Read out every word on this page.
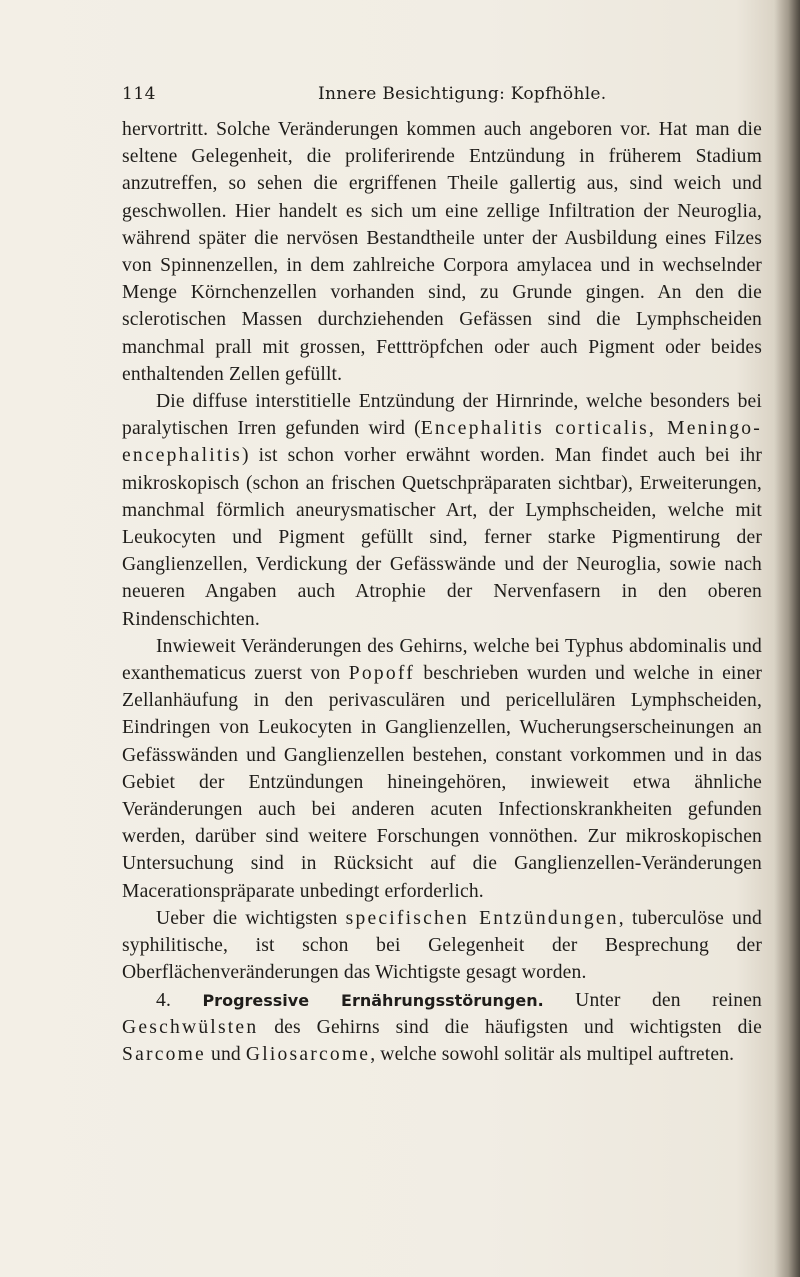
114	Innere Besichtigung: Kopfhöhle.

hervortritt. Solche Veränderungen kommen auch angeboren vor. Hat man die seltene Gelegenheit, die proliferirende Entzündung in früherem Stadium anzutreffen, so sehen die ergriffenen Theile gallertig aus, sind weich und geschwollen. Hier handelt es sich um eine zellige Infiltration der Neuroglia, während später die nervösen Bestandtheile unter der Ausbildung eines Filzes von Spinnenzellen, in dem zahlreiche Corpora amylacea und in wechselnder Menge Körnchenzellen vorhanden sind, zu Grunde gingen. An den die sclerotischen Massen durchziehenden Gefässen sind die Lymphscheiden manchmal prall mit grossen, Fetttröpfchen oder auch Pigment oder beides enthaltenden Zellen gefüllt.

Die diffuse interstitielle Entzündung der Hirnrinde, welche besonders bei paralytischen Irren gefunden wird (Encephalitis corticalis, Meningo-encephalitis) ist schon vorher erwähnt worden. Man findet auch bei ihr mikroskopisch (schon an frischen Quetschpräparaten sichtbar), Erweiterungen, manchmal förmlich aneurysmatischer Art, der Lymphscheiden, welche mit Leukocyten und Pigment gefüllt sind, ferner starke Pigmentirung der Ganglienzellen, Verdickung der Gefässwände und der Neuroglia, sowie nach neueren Angaben auch Atrophie der Nervenfasern in den oberen Rindenschichten.

Inwieweit Veränderungen des Gehirns, welche bei Typhus abdominalis und exanthematicus zuerst von Popoff beschrieben wurden und welche in einer Zellanhäufung in den perivasculären und pericellulären Lymphscheiden, Eindringen von Leukocyten in Ganglienzellen, Wucherungserscheinungen an Gefässwänden und Ganglienzellen bestehen, constant vorkommen und in das Gebiet der Entzündungen hineingehören, inwieweit etwa ähnliche Veränderungen auch bei anderen acuten Infectionskrankheiten gefunden werden, darüber sind weitere Forschungen vonnöthen. Zur mikroskopischen Untersuchung sind in Rücksicht auf die Ganglienzellen-Veränderungen Macerationspräparate unbedingt erforderlich.

Ueber die wichtigsten specifischen Entzündungen, tuberculöse und syphilitische, ist schon bei Gelegenheit der Besprechung der Oberflächenveränderungen das Wichtigste gesagt worden.

4. Progressive Ernährungsstörungen. Unter den reinen Geschwülsten des Gehirns sind die häufigsten und wichtigsten die Sarcome und Gliosarcome, welche sowohl solitär als multipel auftreten.
